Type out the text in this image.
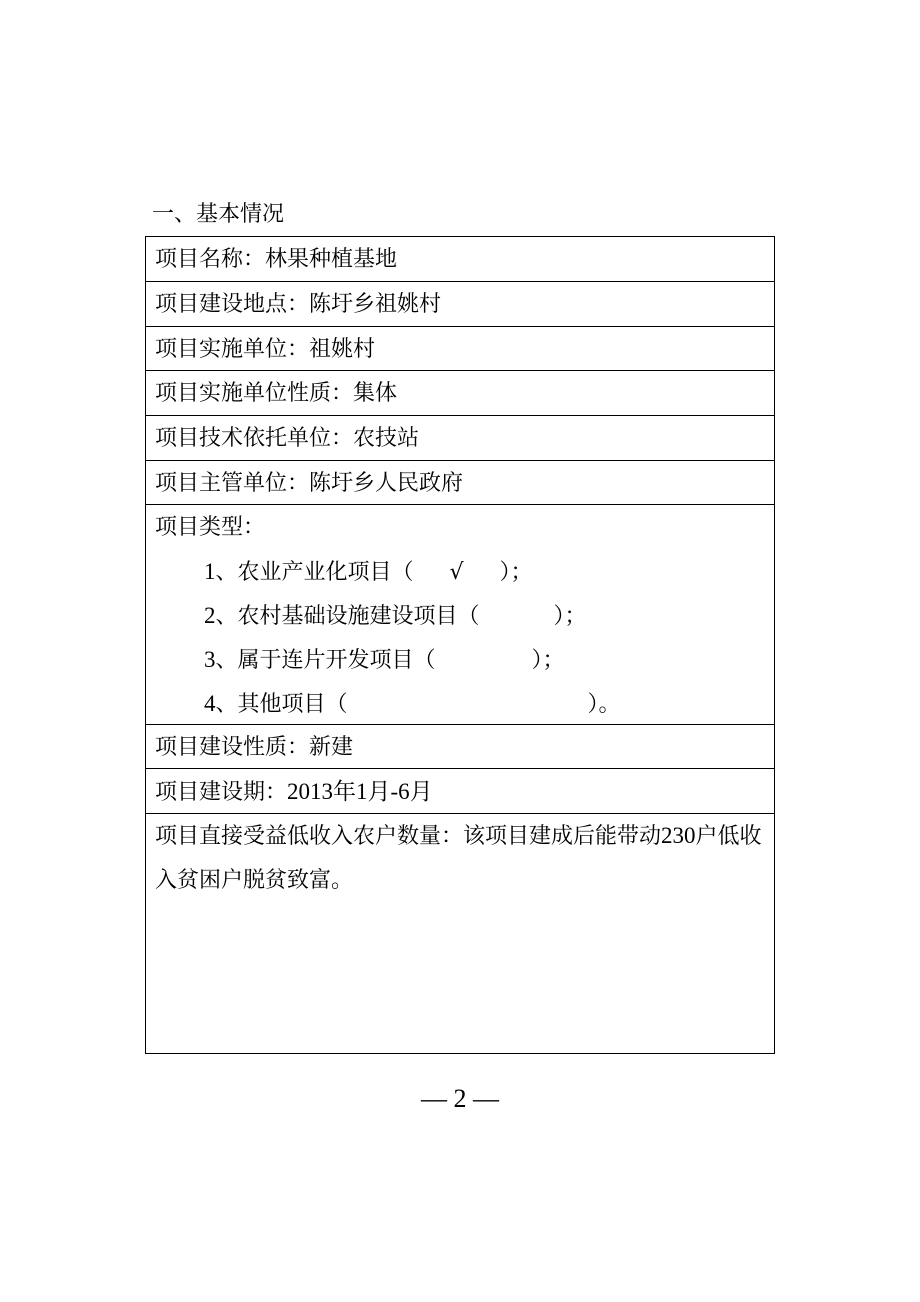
一、基本情况
项目名称：林果种植基地
项目建设地点：陈圩乡祖姚村
项目实施单位：祖姚村
项目实施单位性质：集体
项目技术依托单位：农技站
项目主管单位：陈圩乡人民政府
项目类型：
1、农业产业化项目（ √ ）；
2、农村基础设施建设项目（	）；
3、属于连片开发项目（	）；
4、其他项目（	）。
项目建设性质：新建
项目建设期：2013年1月-6月
项目直接受益低收入农户数量：该项目建成后能带动230户低收入贫困户脱贫致富。
— 2 —
